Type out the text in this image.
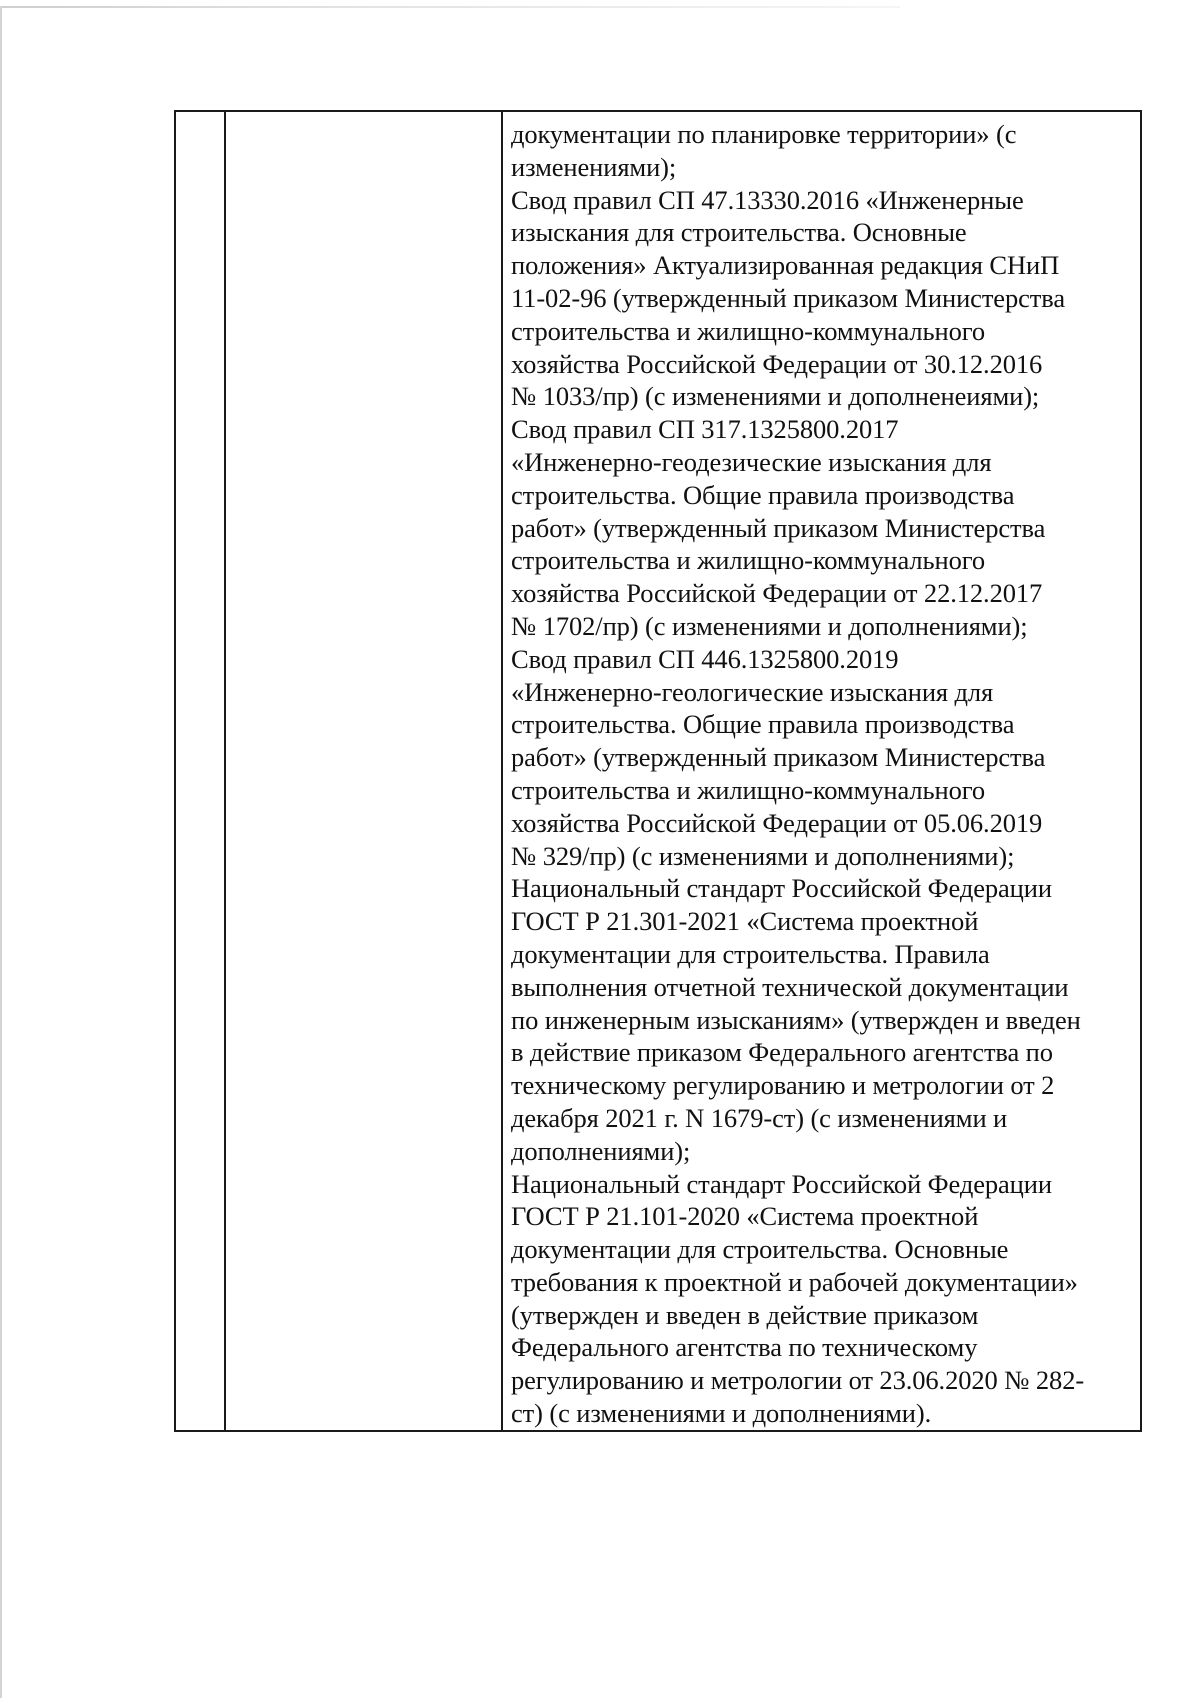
документации по планировке территории» (с
изменениями);
Свод правил СП 47.13330.2016 «Инженерные
изыскания для строительства. Основные
положения» Актуализированная редакция СНиП
11-02-96 (утвержденный приказом Министерства
строительства и жилищно-коммунального
хозяйства Российской Федерации от 30.12.2016
№ 1033/пр) (с изменениями и дополненеиями);
Свод правил СП 317.1325800.2017
«Инженерно-геодезические изыскания для
строительства. Общие правила производства
работ» (утвержденный приказом Министерства
строительства и жилищно-коммунального
хозяйства Российской Федерации от 22.12.2017
№ 1702/пр) (с изменениями и дополнениями);
Свод правил СП 446.1325800.2019
«Инженерно-геологические изыскания для
строительства. Общие правила производства
работ» (утвержденный приказом Министерства
строительства и жилищно-коммунального
хозяйства Российской Федерации от 05.06.2019
№ 329/пр) (с изменениями и дополнениями);
Национальный стандарт Российской Федерации
ГОСТ Р 21.301-2021 «Система проектной
документации для строительства. Правила
выполнения отчетной технической документации
по инженерным изысканиям» (утвержден и введен
в действие приказом Федерального агентства по
техническому регулированию и метрологии от 2
декабря 2021 г. N 1679-ст) (с изменениями и
дополнениями);
Национальный стандарт Российской Федерации
ГОСТ Р 21.101-2020 «Система проектной
документации для строительства. Основные
требования к проектной и рабочей документации»
(утвержден и введен в действие приказом
Федерального агентства по техническому
регулированию и метрологии от 23.06.2020 № 282-
ст) (с изменениями и дополнениями).
